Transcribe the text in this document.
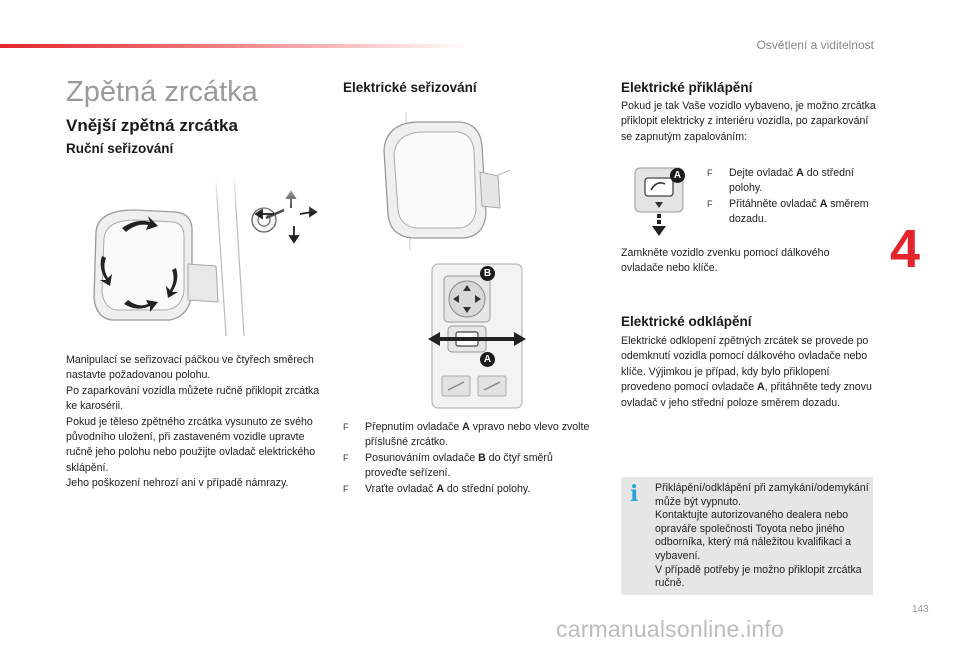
Osvětlení a viditelnost
Zpětná zrcátka
Vnější zpětná zrcátka
Ruční seřizování

Manipulací se seřizovací páčkou ve čtyřech směrech nastavte požadovanou polohu.

Po zaparkování vozidla můžete ručně přiklopit zrcátka ke karosérii.

Pokud je těleso zpětného zrcátka vysunuto ze svého původního uložení, při zastaveném vozidle upravte ručně jeho polohu nebo použijte ovladač elektrického sklápění.

Jeho poškození nehrozí ani v případě námrazy.

Elektrické seřizování
B
A
F Přepnutím ovladače A vpravo nebo vlevo zvolte příslušné zrcátko.
F Posunováním ovladače B do čtyř směrů proveďte seřízení.
F Vraťte ovladač A do střední polohy.
Elektrické přiklápění
Pokud je tak Vaše vozidlo vybaveno, je možno zrcátka přiklopit elektricky z interiéru vozidla, po zaparkování se zapnutým zapalováním:
A	F Dejte ovladač A do střední polohy.
F Přitáhněte ovladač A směrem dozadu.
Zamkněte vozidlo zvenku pomocí dálkového ovladače nebo klíče.
Elektrické odklápění
Elektrické odklopení zpětných zrcátek se provede po odemknutí vozidla pomocí dálkového ovladače nebo klíče. Výjimkou je případ, kdy bylo přiklopení provedeno pomocí ovladače A, přitáhněte tedy znovu ovladač v jeho střední poloze směrem dozadu.
i	Přiklápění/odklápění při zamykání/odemykání může být vypnuto.
Kontaktujte autorizovaného dealera nebo opravářе společnosti Toyota nebo jiného odborníka, který má náležitou kvalifikaci a vybavení.
V případě potřeby je možno přiklopit zrcátka ručně.
4
143
carmanualsonline.info
